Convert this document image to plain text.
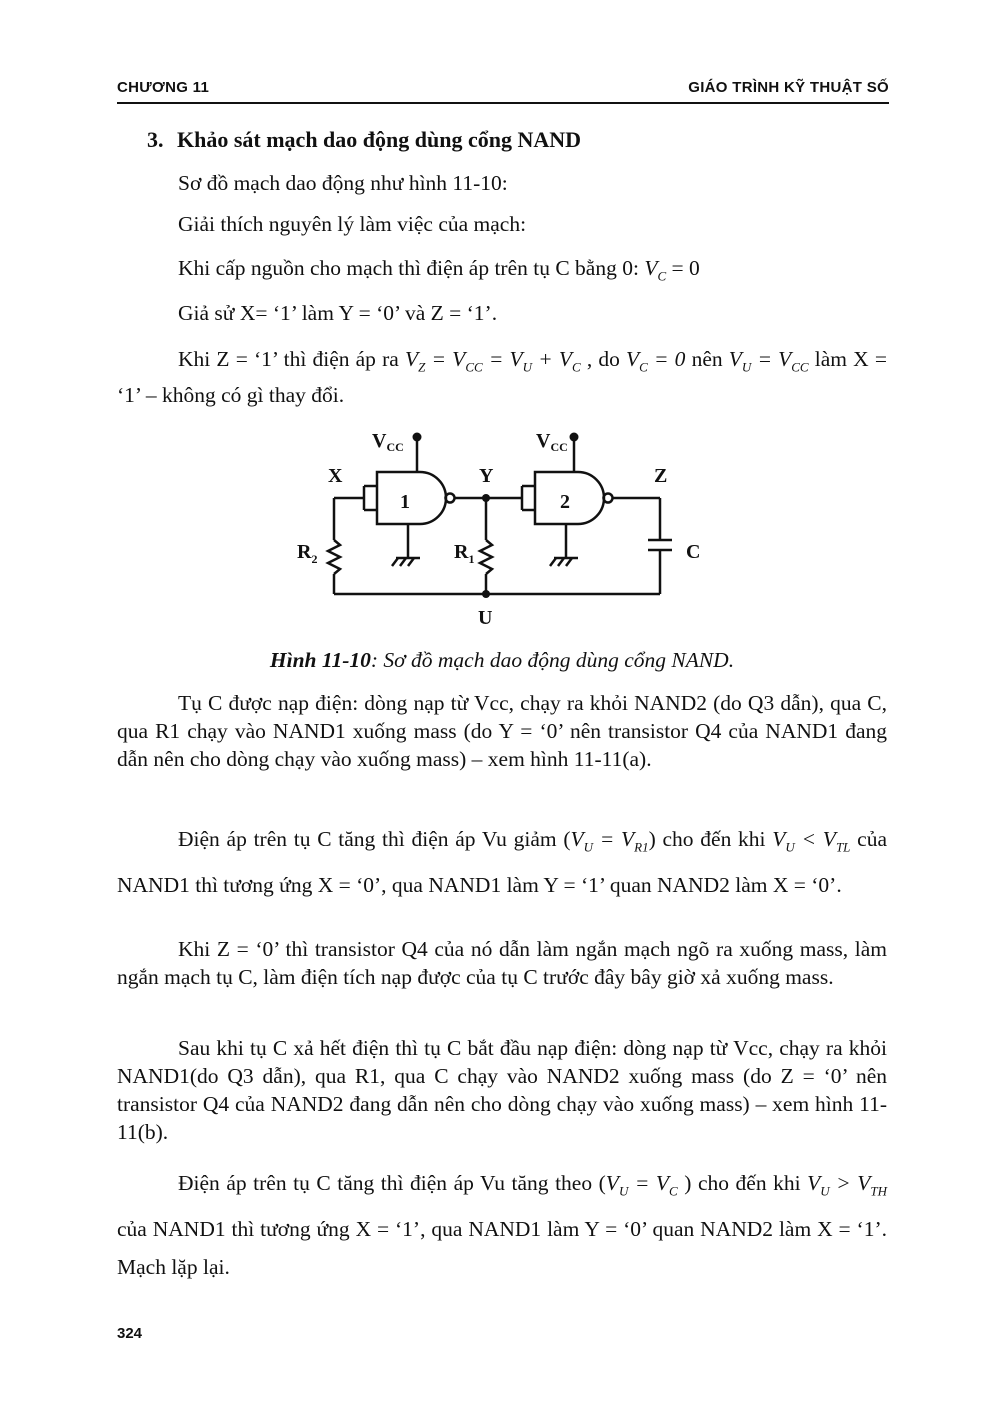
CHƯƠNG 11	GIÁO TRÌNH KỸ THUẬT SỐ
3. Khảo sát mạch dao động dùng cổng NAND
Sơ đồ mạch dao động như hình 11-10:
Giải thích nguyên lý làm việc của mạch:
Khi cấp nguồn cho mạch thì điện áp trên tụ C bằng 0: $V_C = 0$
Giả sử X= ‘1’ làm Y = ‘0’ và Z = ‘1’.
Khi Z = ‘1’ thì điện áp ra $V_Z = V_{CC} = V_U + V_C$ , do $V_C = 0$ nên $V_U = V_{CC}$ làm X = ‘1’ – không có gì thay đổi.
$V_{CC}$	$V_{CC}$
X	Y	Z
1	2
$R_2$	$R_1$	C
U
Hình 11-10: Sơ đồ mạch dao động dùng cổng NAND.
Tụ C được nạp điện: dòng nạp từ Vcc, chạy ra khỏi NAND2 (do Q3 dẫn), qua C, qua R1 chạy vào NAND1 xuống mass (do Y = ‘0’ nên transistor Q4 của NAND1 đang dẫn nên cho dòng chạy vào xuống mass) – xem hình 11-11(a).
Điện áp trên tụ C tăng thì điện áp Vu giảm $(V_U = V_{R1})$ cho đến khi $V_U < V_{TL}$ của NAND1 thì tương ứng X = ‘0’, qua NAND1 làm Y = ‘1’ quan NAND2 làm X = ‘0’.
Khi Z = ‘0’ thì transistor Q4 của nó dẫn làm ngắn mạch ngõ ra xuống mass, làm ngắn mạch tụ C, làm điện tích nạp được của tụ C trước đây bây giờ xả xuống mass.
Sau khi tụ C xả hết điện thì tụ C bắt đầu nạp điện: dòng nạp từ Vcc, chạy ra khỏi NAND1(do Q3 dẫn), qua R1, qua C chạy vào NAND2 xuống mass (do Z = ‘0’ nên transistor Q4 của NAND2 đang dẫn nên cho dòng chạy vào xuống mass) – xem hình 11-11(b).
Điện áp trên tụ C tăng thì điện áp Vu tăng theo ($V_U = V_C$ ) cho đến khi $V_U > V_{TH}$ của NAND1 thì tương ứng X = ‘1’, qua NAND1 làm Y = ‘0’ quan NAND2 làm X = ‘1’. Mạch lặp lại.
324
